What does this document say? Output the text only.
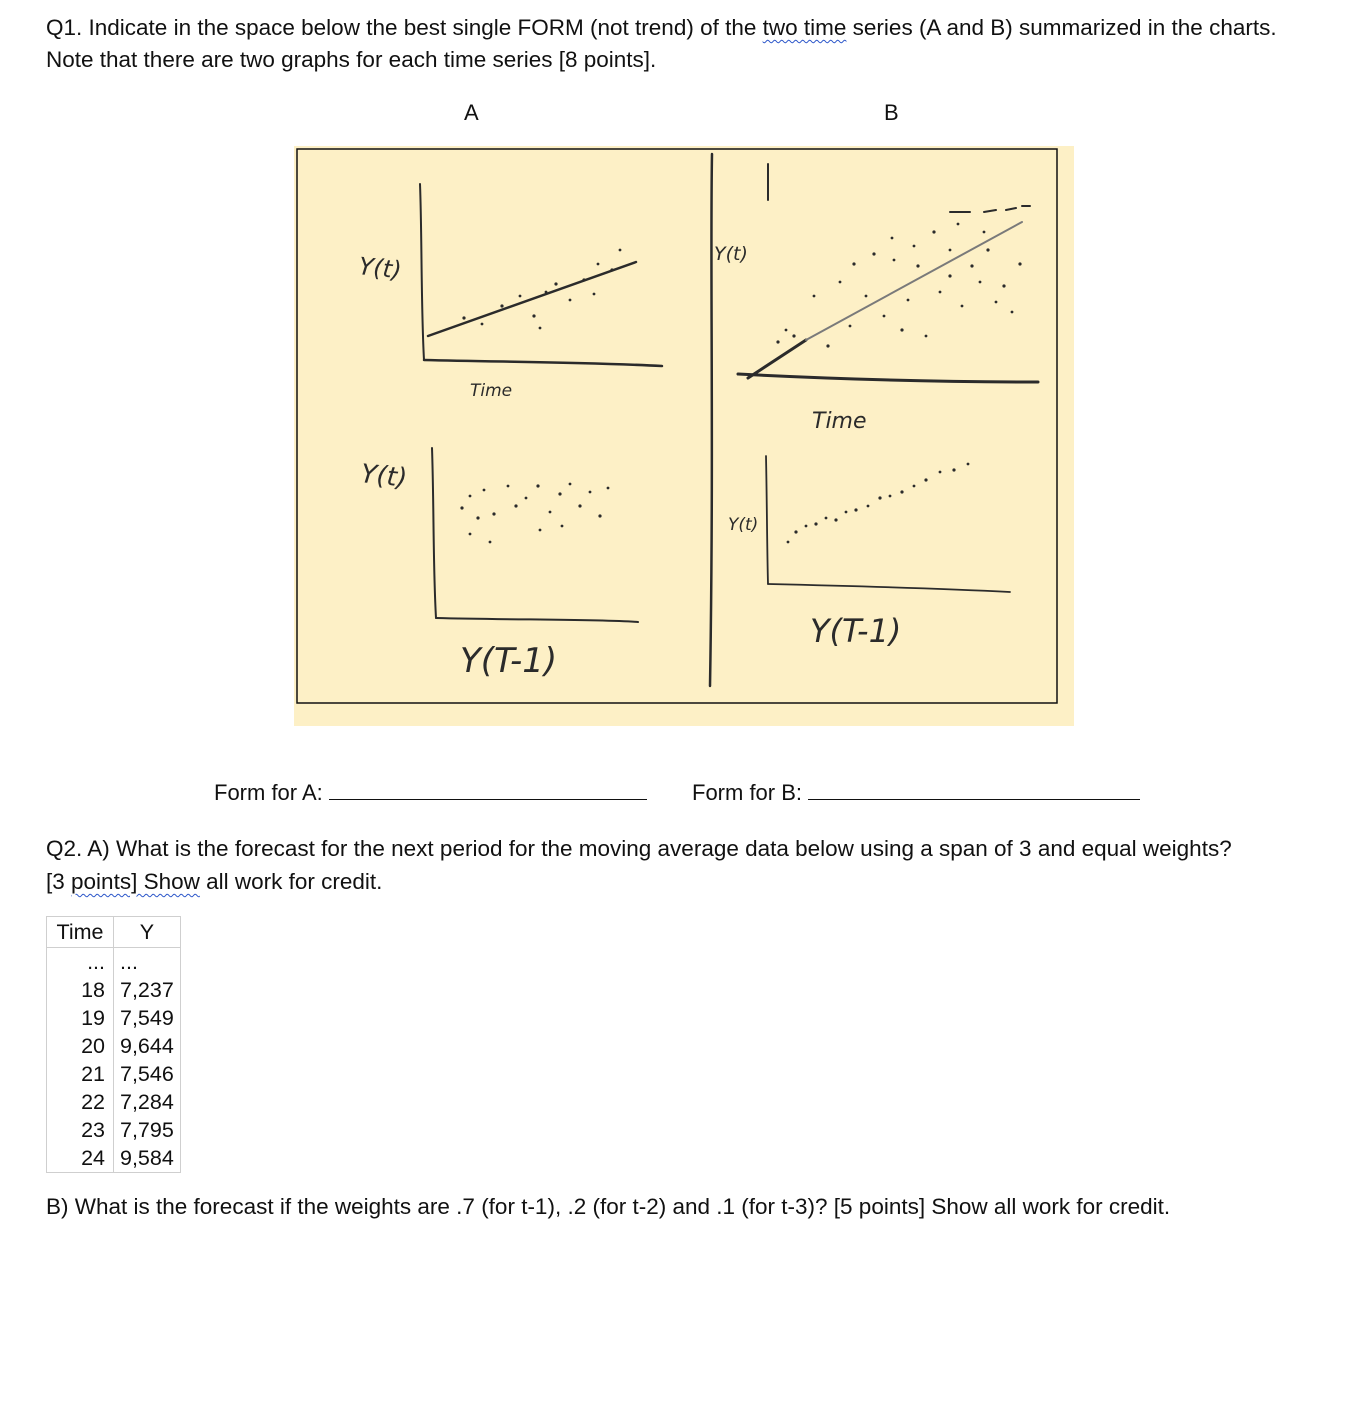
Q1. Indicate in the space below the best single FORM (not trend) of the two time series (A and B) summarized in the charts. Note that there are two graphs for each time series [8 points].
A	B
Y(t)
Time
Y(t)
Y(T-1)
Y(t)
Time
Y(t)
Y(T-1)
Form for A:	Form for B:
Q2. A) What is the forecast for the next period for the moving average data below using a span of 3 and equal weights?
[3 points] Show all work for credit.
Time	Y
...	...
18	7,237
19	7,549
20	9,644
21	7,546
22	7,284
23	7,795
24	9,584
B) What is the forecast if the weights are .7 (for t-1), .2 (for t-2) and .1 (for t-3)? [5 points] Show all work for credit.
